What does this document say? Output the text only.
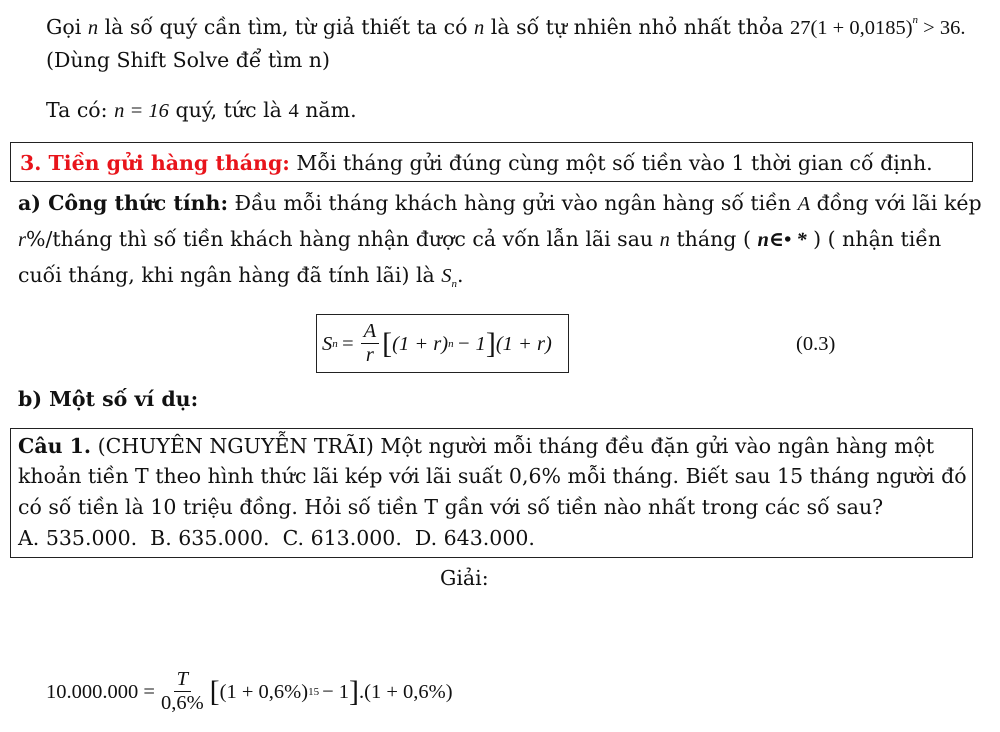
Gọi n là số quý cần tìm, từ giả thiết ta có n là số tự nhiên nhỏ nhất thỏa $27(1 + 0,0185)^n > 36$.
(Dùng Shift Solve để tìm n)
Ta có: n = 16 quý, tức là 4 năm.
3. Tiền gửi hàng tháng: Mỗi tháng gửi đúng cùng một số tiền vào 1 thời gian cố định.
a) Công thức tính: Đầu mỗi tháng khách hàng gửi vào ngân hàng số tiền A đồng với lãi kép
r%/tháng thì số tiền khách hàng nhận được cả vốn lẫn lãi sau n tháng ( n∈• * ) ( nhận tiền
cuối tháng, khi ngân hàng đã tính lãi) là $S_n$.
S $n = \frac{A}{r}$ [ (1 + r) n − 1 ] (1 + r)	(0.3)
b) Một số ví dụ:
Câu 1. (CHUYÊN NGUYỄN TRÃI) Một người mỗi tháng đều đặn gửi vào ngân hàng một
khoản tiền T theo hình thức lãi kép với lãi suất 0,6% mỗi tháng. Biết sau 15 tháng người đó
có số tiền là 10 triệu đồng. Hỏi số tiền T gần với số tiền nào nhất trong các số sau?
A. 535.000.  B. 635.000.  C. 613.000.  D. 643.000.
Giải:
$10.000.000 = \frac{T}{0,6\%}$ [ (1 + 0,6%) 15 − 1 ] .(1 + 0,6%)
